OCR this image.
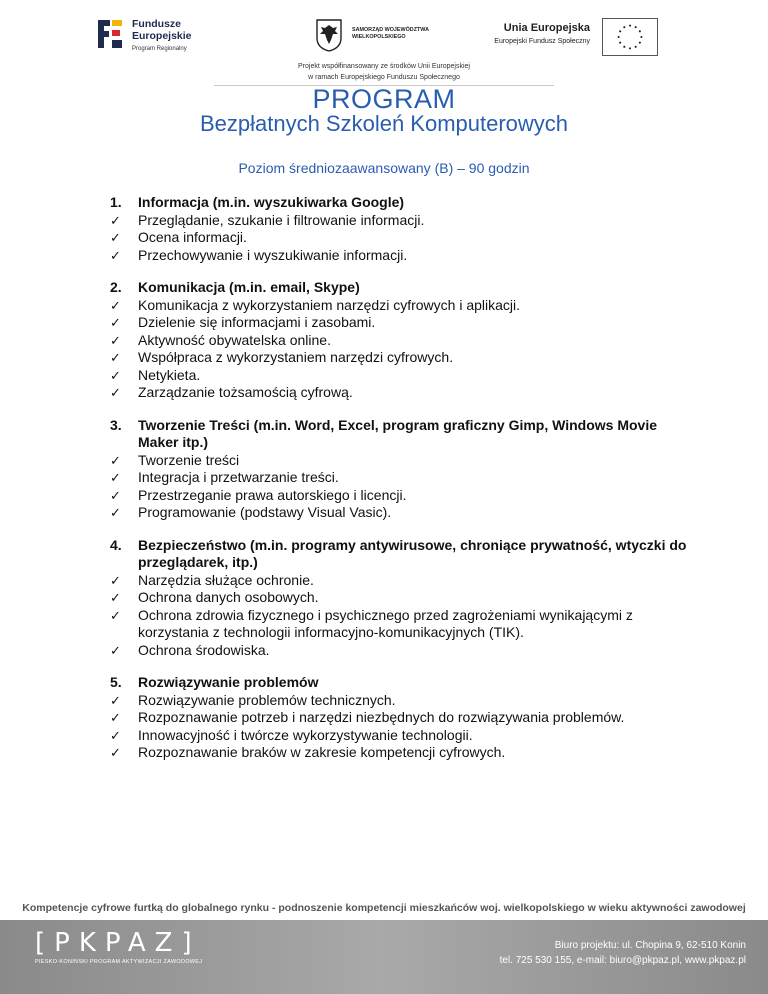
Fundusze
Europejskie
Program Regionalny
SAMORZĄD WOJEWÓDZTWA
WIELKOPOLSKIEGO
Unia Europejska
Europejski Fundusz Społeczny
Projekt współfinansowany ze środków Unii Europejskiej
w ramach Europejskiego Funduszu Społecznego
PROGRAM
Bezpłatnych Szkoleń Komputerowych
Poziom średniozaawansowany (B) – 90 godzin
1.	Informacja (m.in. wyszukiwarka Google)
✓	Przeglądanie, szukanie i filtrowanie informacji.
✓	Ocena informacji.
✓	Przechowywanie i wyszukiwanie informacji.
2.	Komunikacja (m.in. email, Skype)
✓	Komunikacja z wykorzystaniem narzędzi cyfrowych i aplikacji.
✓	Dzielenie się informacjami i zasobami.
✓	Aktywność obywatelska online.
✓	Współpraca z wykorzystaniem narzędzi cyfrowych.
✓	Netykieta.
✓	Zarządzanie tożsamością cyfrową.
3.	Tworzenie Treści (m.in. Word, Excel, program graficzny Gimp, Windows Movie Maker itp.)
✓	Tworzenie treści
✓	Integracja i przetwarzanie treści.
✓	Przestrzeganie prawa autorskiego i licencji.
✓	Programowanie (podstawy Visual Vasic).
4.	Bezpieczeństwo (m.in. programy antywirusowe, chroniące prywatność, wtyczki do przeglądarek, itp.)
✓	Narzędzia służące ochronie.
✓	Ochrona danych osobowych.
✓	Ochrona zdrowia fizycznego i psychicznego przed zagrożeniami wynikającymi z korzystania z technologii informacyjno-komunikacyjnych (TIK).
✓	Ochrona środowiska.
5.	Rozwiązywanie problemów
✓	Rozwiązywanie problemów technicznych.
✓	Rozpoznawanie potrzeb i narzędzi niezbędnych do rozwiązywania problemów.
✓	Innowacyjność i twórcze wykorzystywanie technologii.
✓	Rozpoznawanie braków w zakresie kompetencji cyfrowych.
Kompetencje cyfrowe furtką do globalnego rynku - podnoszenie kompetencji mieszkańców woj. wielkopolskiego w wieku aktywności zawodowej
[PKPAZ]
PIESKO-KONIŃSKI PROGRAM AKTYWIZACJI ZAWODOWEJ
Biuro projektu: ul. Chopina 9, 62-510 Konin
tel. 725 530 155, e-mail: biuro@pkpaz.pl, www.pkpaz.pl
